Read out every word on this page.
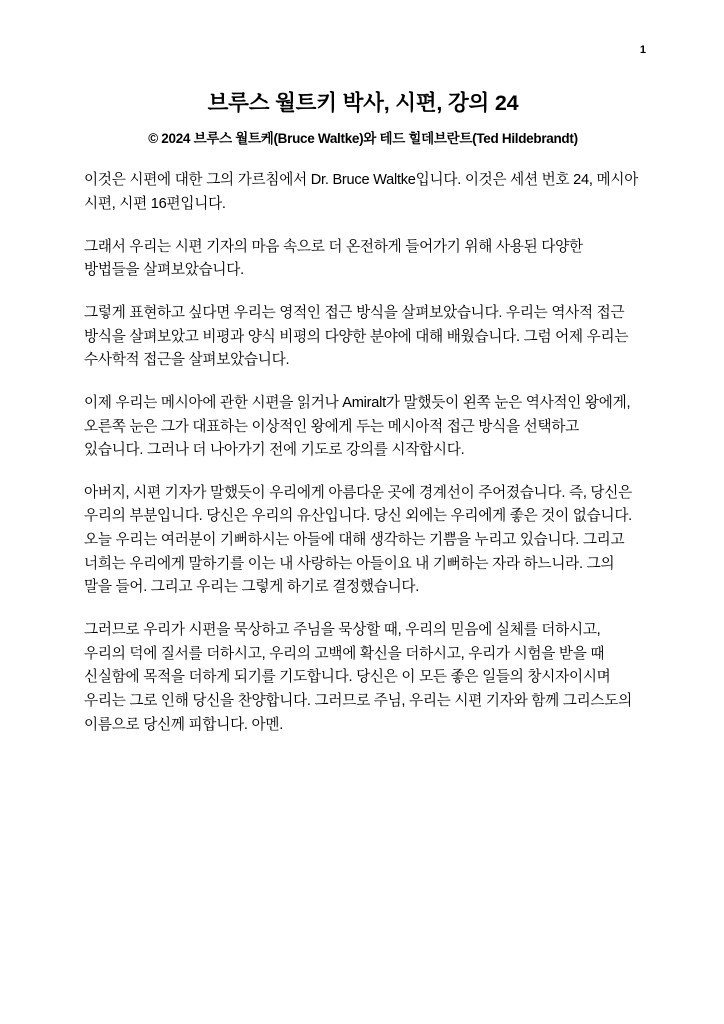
1
브루스 월트키 박사, 시편, 강의 24
© 2024 브루스 월트케(Bruce Waltke)와 테드 힐데브란트(Ted Hildebrandt)

이것은 시편에 대한 그의 가르침에서 Dr. Bruce Waltke입니다. 이것은 세션 번호 24, 메시아 시편, 시편 16편입니다.

그래서 우리는 시편 기자의 마음 속으로 더 온전하게 들어가기 위해 사용된 다양한 방법들을 살펴보았습니다.

그렇게 표현하고 싶다면 우리는 영적인 접근 방식을 살펴보았습니다. 우리는 역사적 접근 방식을 살펴보았고 비평과 양식 비평의 다양한 분야에 대해 배웠습니다. 그럼 어제 우리는 수사학적 접근을 살펴보았습니다.

이제 우리는 메시아에 관한 시편을 읽거나 Amiralt가 말했듯이 왼쪽 눈은 역사적인 왕에게, 오른쪽 눈은 그가 대표하는 이상적인 왕에게 두는 메시아적 접근 방식을 선택하고 있습니다. 그러나 더 나아가기 전에 기도로 강의를 시작합시다.

아버지, 시편 기자가 말했듯이 우리에게 아름다운 곳에 경계선이 주어졌습니다. 즉, 당신은 우리의 부분입니다. 당신은 우리의 유산입니다. 당신 외에는 우리에게 좋은 것이 없습니다. 오늘 우리는 여러분이 기뻐하시는 아들에 대해 생각하는 기쁨을 누리고 있습니다. 그리고 너희는 우리에게 말하기를 이는 내 사랑하는 아들이요 내 기뻐하는 자라 하느니라. 그의 말을 들어. 그리고 우리는 그렇게 하기로 결정했습니다.

그러므로 우리가 시편을 묵상하고 주님을 묵상할 때, 우리의 믿음에 실체를 더하시고, 우리의 덕에 질서를 더하시고, 우리의 고백에 확신을 더하시고, 우리가 시험을 받을 때 신실함에 목적을 더하게 되기를 기도합니다. 당신은 이 모든 좋은 일들의 창시자이시며 우리는 그로 인해 당신을 찬양합니다. 그러므로 주님, 우리는 시편 기자와 함께 그리스도의 이름으로 당신께 피합니다. 아멘.
